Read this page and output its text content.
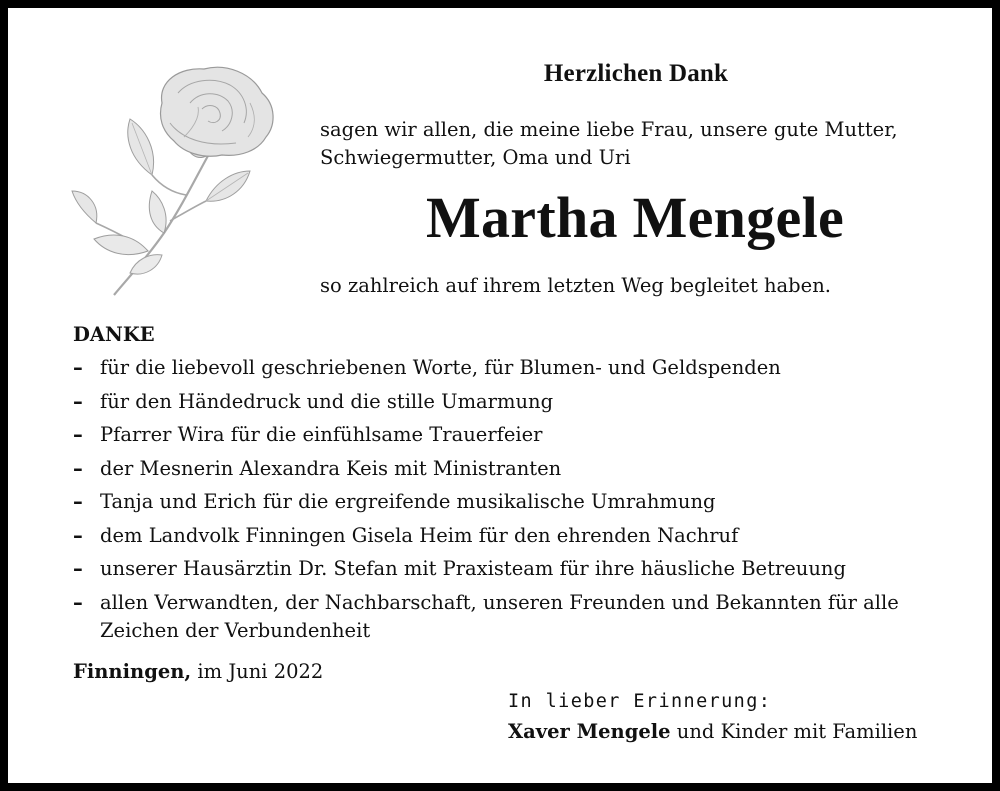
Herzlichen Dank
sagen wir allen, die meine liebe Frau, unsere gute Mutter,
Schwiegermutter, Oma und Uri
Martha Mengele
so zahlreich auf ihrem letzten Weg begleitet haben.
DANKE
– für die liebevoll geschriebenen Worte, für Blumen- und Geldspenden
– für den Händedruck und die stille Umarmung
– Pfarrer Wira für die einfühlsame Trauerfeier
– der Mesnerin Alexandra Keis mit Ministranten
– Tanja und Erich für die ergreifende musikalische Umrahmung
– dem Landvolk Finningen Gisela Heim für den ehrenden Nachruf
– unserer Hausärztin Dr. Stefan mit Praxisteam für ihre häusliche Betreuung
– allen Verwandten, der Nachbarschaft, unseren Freunden und Bekannten für alle Zeichen der Verbundenheit
Finningen, im Juni 2022
In lieber Erinnerung:
Xaver Mengele und Kinder mit Familien
